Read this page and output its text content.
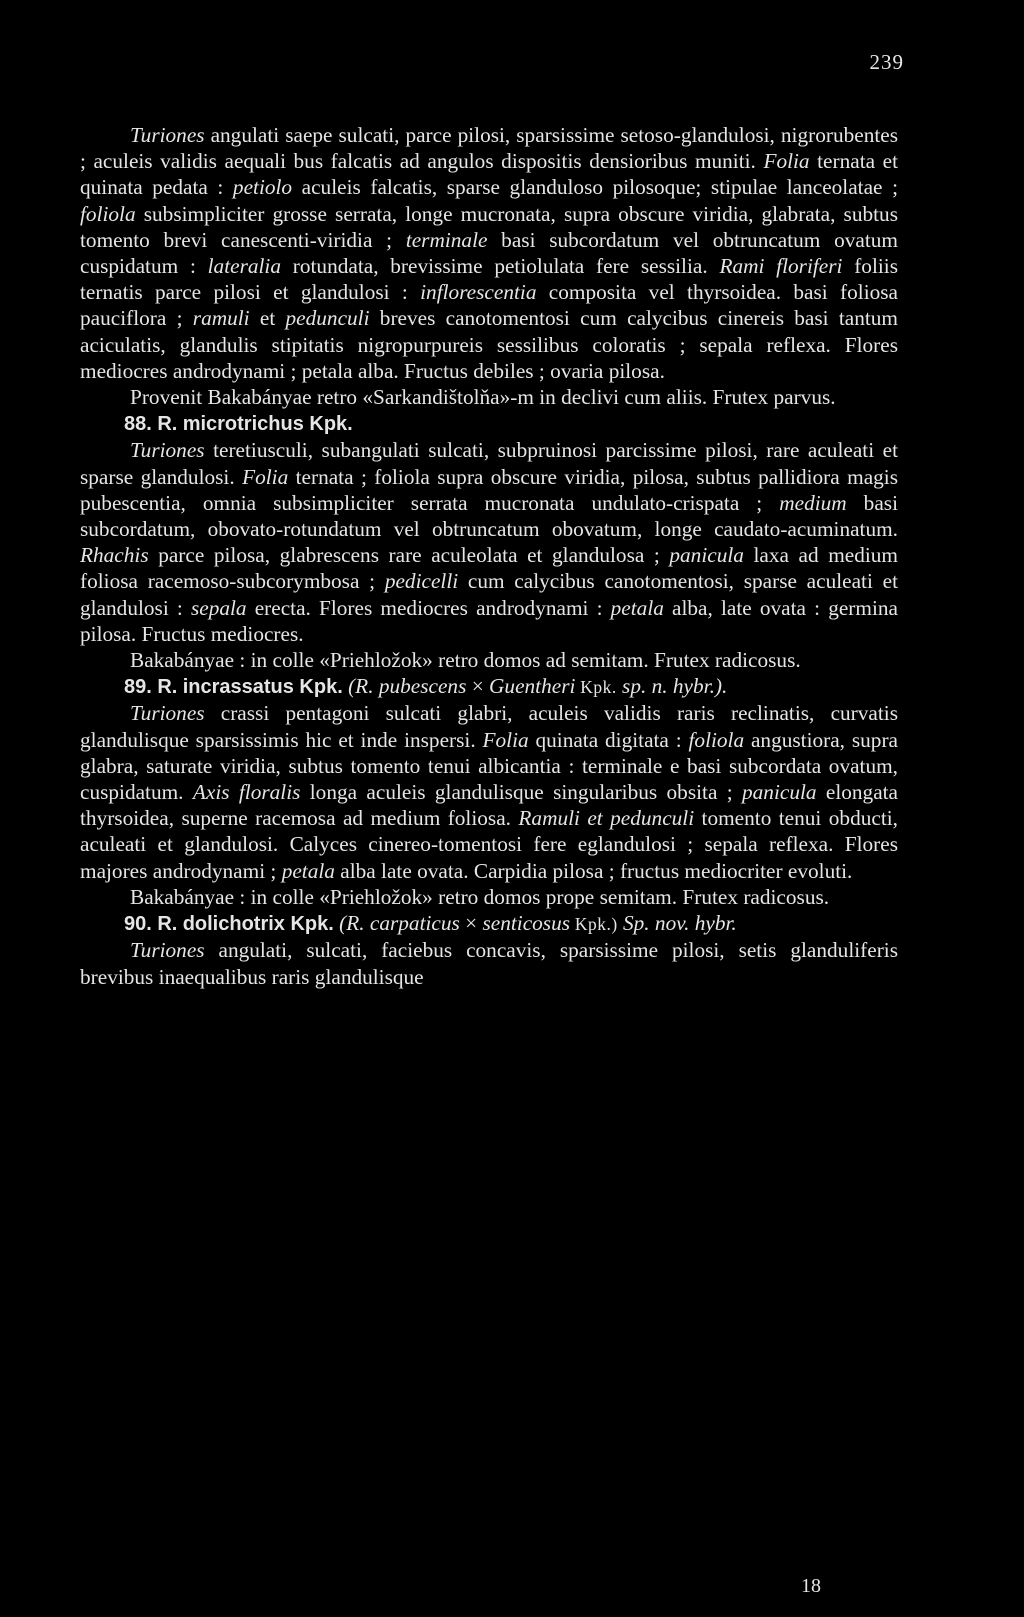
239

Turiones angulati saepe sulcati, parce pilosi, sparsissime setoso-glandulosi, nigrorubentes ; aculeis validis aequali bus falcatis ad angulos dispositis densioribus muniti. Folia ternata et quinata pedata : petiolo aculeis falcatis, sparse glanduloso pilosoque; stipulae lanceolatae ; foliola subsimpliciter grosse serrata, longe mucronata, supra obscure viridia, glabrata, subtus tomento brevi canescenti-viridia ; terminale basi subcordatum vel obtruncatum ovatum cuspidatum : lateralia rotundata, brevissime petiolulata fere sessilia. Rami floriferi foliis ternatis parce pilosi et glandulosi : inflorescentia composita vel thyrsoidea. basi foliosa pauciflora ; ramuli et pedunculi breves canotomentosi cum calycibus cinereis basi tantum aciculatis, glandulis stipitatis nigropurpureis sessilibus coloratis ; sepala reflexa. Flores mediocres androdynami ; petala alba. Fructus debiles ; ovaria pilosa.

Provenit Bakabányae retro «Sarkandištolňa»-m in declivi cum aliis. Frutex parvus.

88. R. microtrichus Kpk.

Turiones teretiusculi, subangulati sulcati, subpruinosi parcissime pilosi, rare aculeati et sparse glandulosi. Folia ternata ; foliola supra obscure viridia, pilosa, subtus pallidiora magis pubescentia, omnia subsimpliciter serrata mucronata undulato-crispata ; medium basi subcordatum, obovato-rotundatum vel obtruncatum obovatum, longe caudato-acuminatum. Rhachis parce pilosa, glabrescens rare aculeolata et glandulosa ; panicula laxa ad medium foliosa racemoso-subcorymbosa ; pedicelli cum calycibus canotomentosi, sparse aculeati et glandulosi : sepala erecta. Flores mediocres androdynami : petala alba, late ovata : germina pilosa. Fructus mediocres.

Bakabányae : in colle «Priehložok» retro domos ad semitam. Frutex radicosus.

89. R. incrassatus Kpk. (R. pubescens × Guentheri Kpk. sp. n. hybr.).

Turiones crassi pentagoni sulcati glabri, aculeis validis raris reclinatis, curvatis glandulisque sparsissimis hic et inde inspersi. Folia quinata digitata : foliola angustiora, supra glabra, saturate viridia, subtus tomento tenui albicantia : terminale e basi subcordata ovatum, cuspidatum. Axis floralis longa aculeis glandulisque singularibus obsita ; panicula elongata thyrsoidea, superne racemosa ad medium foliosa. Ramuli et pedunculi tomento tenui obducti, aculeati et glandulosi. Calyces cinereo-tomentosi fere eglandulosi ; sepala reflexa. Flores majores androdynami ; petala alba late ovata. Carpidia pilosa ; fructus mediocriter evoluti.

Bakabányae : in colle «Priehložok» retro domos prope semitam. Frutex radicosus.

90. R. dolichotrix Kpk. (R. carpaticus × senticosus Kpk.) Sp. nov. hybr.

Turiones angulati, sulcati, faciebus concavis, sparsissime pilosi, setis glanduliferis brevibus inaequalibus raris glandulisque

18
